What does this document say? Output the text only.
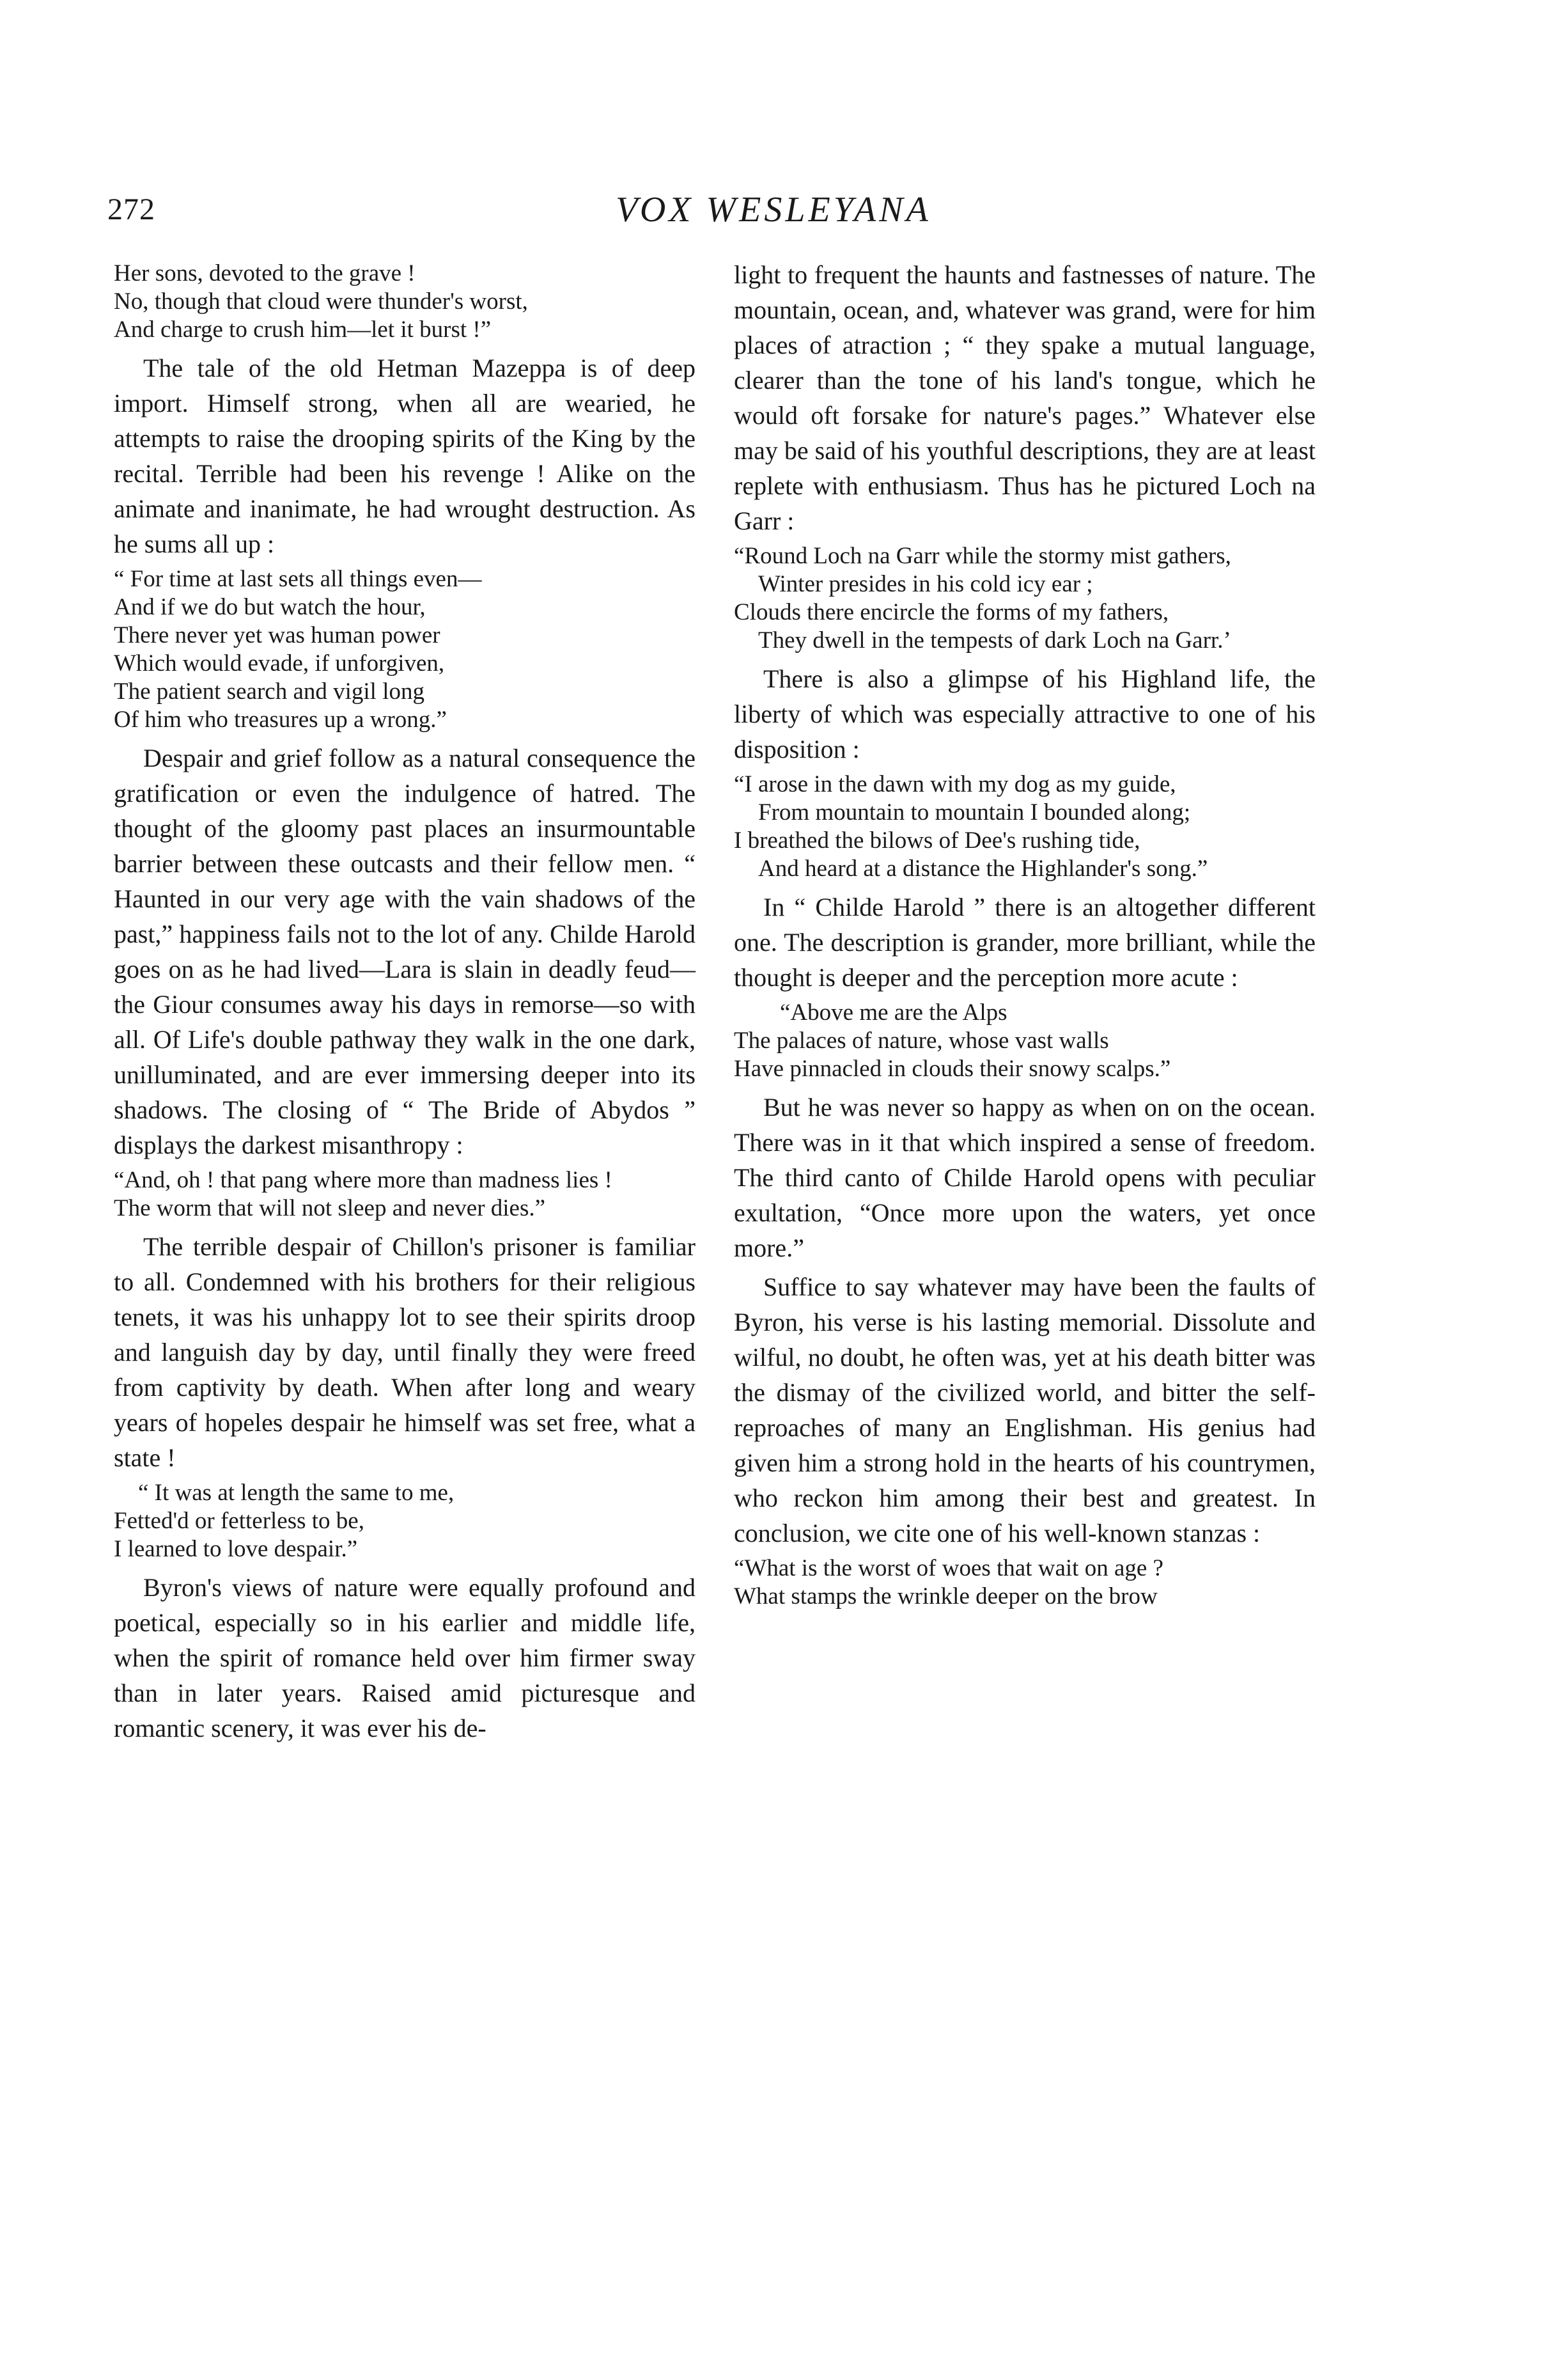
272	VOX WESLEYANA
Her sons, devoted to the grave !
No, though that cloud were thunder's worst,
And charge to crush him—let it burst !”

The tale of the old Hetman Mazeppa is of deep import. Himself strong, when all are wearied, he attempts to raise the drooping spirits of the King by the recital. Terrible had been his revenge ! Alike on the animate and inanimate, he had wrought destruction. As he sums all up :

“ For time at last sets all things even—
And if we do but watch the hour,
There never yet was human power
Which would evade, if unforgiven,
The patient search and vigil long
Of him who treasures up a wrong.”

Despair and grief follow as a natural consequence the gratification or even the indulgence of hatred. The thought of the gloomy past places an insurmountable barrier between these outcasts and their fellow men. “ Haunted in our very age with the vain shadows of the past,” happiness fails not to the lot of any. Childe Harold goes on as he had lived—Lara is slain in deadly feud—the Giour consumes away his days in remorse—so with all. Of Life's double pathway they walk in the one dark, unilluminated, and are ever immersing deeper into its shadows. The closing of “ The Bride of Abydos ” displays the darkest misanthropy :

“And, oh ! that pang where more than madness lies !
The worm that will not sleep and never dies.”

The terrible despair of Chillon's prisoner is familiar to all. Condemned with his brothers for their religious tenets, it was his unhappy lot to see their spirits droop and languish day by day, until finally they were freed from captivity by death. When after long and weary years of hopeles despair he himself was set free, what a state !

“ It was at length the same to me,
Fetted'd or fetterless to be,
I learned to love despair.”

Byron's views of nature were equally profound and poetical, especially so in his earlier and middle life, when the spirit of romance held over him firmer sway than in later years. Raised amid picturesque and romantic scenery, it was ever his de-

light to frequent the haunts and fastnesses of nature. The mountain, ocean, and, whatever was grand, were for him places of atraction ; “ they spake a mutual language, clearer than the tone of his land's tongue, which he would oft forsake for nature's pages.” Whatever else may be said of his youthful descriptions, they are at least replete with enthusiasm. Thus has he pictured Loch na Garr :

“Round Loch na Garr while the stormy mist gathers,
Winter presides in his cold icy ear ;
Clouds there encircle the forms of my fathers,
They dwell in the tempests of dark Loch na Garr.’

There is also a glimpse of his Highland life, the liberty of which was especially attractive to one of his disposition :

“I arose in the dawn with my dog as my guide,
From mountain to mountain I bounded along;
I breathed the bilows of Dee's rushing tide,
And heard at a distance the Highlander's song.”

In “ Childe Harold ” there is an altogether different one. The description is grander, more brilliant, while the thought is deeper and the perception more acute :

“Above me are the Alps
The palaces of nature, whose vast walls
Have pinnacled in clouds their snowy scalps.”

But he was never so happy as when on on the ocean. There was in it that which inspired a sense of freedom. The third canto of Childe Harold opens with peculiar exultation, “Once more upon the waters, yet once more.”

Suffice to say whatever may have been the faults of Byron, his verse is his lasting memorial. Dissolute and wilful, no doubt, he often was, yet at his death bitter was the dismay of the civilized world, and bitter the self-reproaches of many an Englishman. His genius had given him a strong hold in the hearts of his countrymen, who reckon him among their best and greatest. In conclusion, we cite one of his well-known stanzas :

“What is the worst of woes that wait on age ?
What stamps the wrinkle deeper on the brow
